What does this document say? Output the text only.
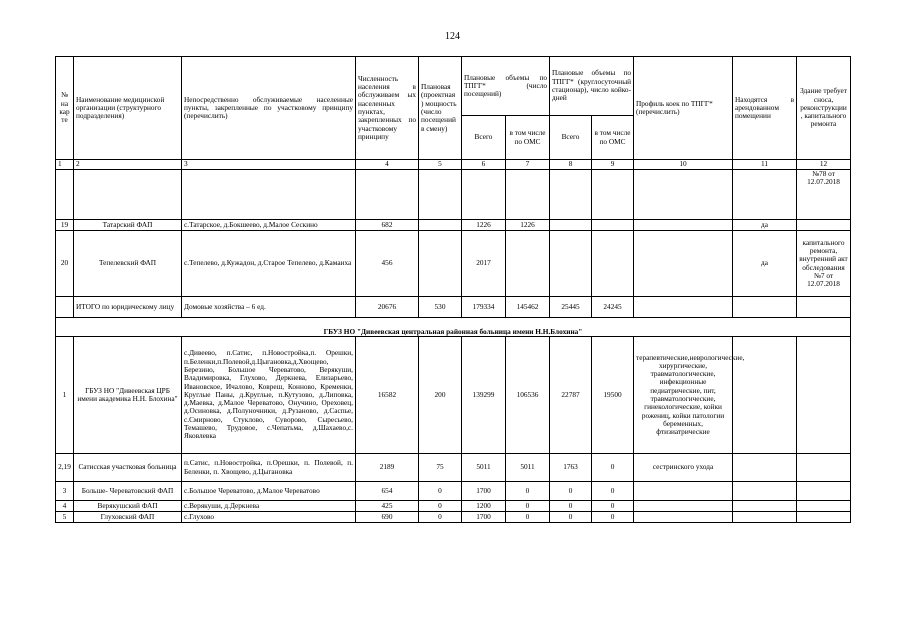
124
№ на кар те	Наименование медицинской организации (структурного подразделения)	Непосредственно обслуживаемые населенные пункты, закрепленные по участковому принципу (перечислить)	Численность населения в обслуживаем ых населенных пунктах, закрепленных по участковому принципу	Плановая (проектная ) мощность (число посещений в смену)	Плановые объемы по ТПГГ* (число посещений)		Плановые объемы по ТПГГ* (круглосуточный стационар), число койко-дней		Профиль коек по ТПГГ* (перечислить)	Находятся в арендованном помещении	Здание требует сноса, реконструкции , капитального ремонта
					Всего	в том числе по ОМС	Всего	в том числе по ОМС			
1	2	3	4	5	6	7	8	9	10	11	12
											№78 от 12.07.2018
19	Татарский ФАП	с.Татарское, д.Бокшеево, д.Малое Сескино	682		1226	1226				да	
20	Тепелевский ФАП	с.Тепелево, д.Кужадон, д.Старое Тепелево, д.Камаиха	456		2017					да	капитального ремонта, внутренний акт обследования №7 от 12.07.2018
	ИТОГО по юридическому лицу	Домовые хозяйства – 6 ед.	20676	530	179334	145462	25445	24245			
ГБУЗ НО "Дивеевская центральная районная больница имени Н.Н.Блохина"											
1	ГБУЗ НО "Дивеевская ЦРБ имени академика Н.Н. Блохина"	с.Дивеево, п.Сатис, п.Новостройка,п. Орешки, п.Беленки,п.Полевой,д.Цыгановка,д.Хвощево, Березино, Большое Череватово, Верякуши, Владимировка, Глухово, Деркнева, Елизарьево, Ивановское, Ичалово, Ковреш, Конново, Кременки, Круглые Паны, д.Круглые, п.Кутузово, д.Липовка, д.Маевка, д.Малое Череватово, Онучино, Ореховец, д.Осиновка, д.Полуночники, д.Рузаново, д.Саспье, с.Смирново, Стуклово, Суворово, Сыресьево, Темашево, Трудовое, с.Чепатьма, д.Шахаево,с. Яковлевка	16582	200	139299	106536	22787	19500	терапевтические,неврологические, хирургические, травматологические, инфекционные педиатрические, пит, травматологические, гинекологические, койки рожениц, койки патологии беременных, фтизиатрические		
2,19	Сатисская участковая больница	п.Сатис, п.Новостройка, п.Орешки, п. Полевой, п. Беленки, п. Хвощево, д.Цыгановка	2189	75	5011	5011	1763	0	сестринского ухода		
3	Больше- Череватовский ФАП	с.Большое Череватово, д.Малое Череватово	654	0	1700	0	0	0			
4	Верякушский ФАП	с.Верякуши, д.Деркнева	425	0	1200	0	0	0			
5	Глуховский ФАП	с.Глухово	690	0	1700	0	0	0			
